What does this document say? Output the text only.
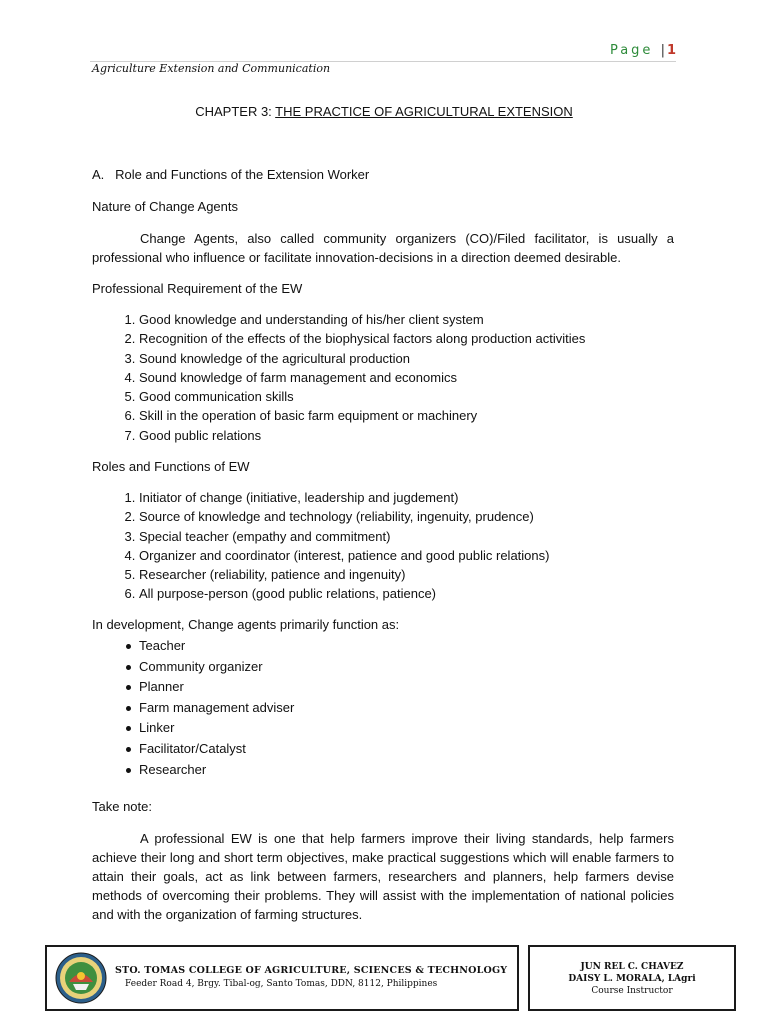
Page | 1
Agriculture Extension and Communication
CHAPTER 3: THE PRACTICE OF AGRICULTURAL EXTENSION
A.   Role and Functions of the Extension Worker
Nature of Change Agents
Change Agents, also called community organizers (CO)/Filed facilitator, is usually a professional who influence or facilitate innovation-decisions in a direction deemed desirable.
Professional Requirement of the EW
1. Good knowledge and understanding of his/her client system
2. Recognition of the effects of the biophysical factors along production activities
3. Sound knowledge of the agricultural production
4. Sound knowledge of farm management and economics
5. Good communication skills
6. Skill in the operation of basic farm equipment or machinery
7. Good public relations
Roles and Functions of EW
1. Initiator of change (initiative, leadership and jugdement)
2. Source of knowledge and technology (reliability, ingenuity, prudence)
3. Special teacher (empathy and commitment)
4. Organizer and coordinator (interest, patience and good public relations)
5. Researcher (reliability, patience and ingenuity)
6. All purpose-person (good public relations, patience)
In development, Change agents primarily function as:
Teacher
Community organizer
Planner
Farm management adviser
Linker
Facilitator/Catalyst
Researcher
Take note:
A professional EW is one that help farmers improve their living standards, help farmers achieve their long and short term objectives, make practical suggestions which will enable farmers to attain their goals, act as link between farmers, researchers and planners, help farmers devise methods of overcoming their problems. They will assist with the implementation of national policies and with the organization of farming structures.
STO. TOMAS COLLEGE OF AGRICULTURE, SCIENCES & TECHNOLOGY
Feeder Road 4, Brgy. Tibal-og, Santo Tomas, DDN, 8112, Philippines
JUN REL C. CHAVEZ
DAISY L. MORALA, LAgri
Course Instructor
